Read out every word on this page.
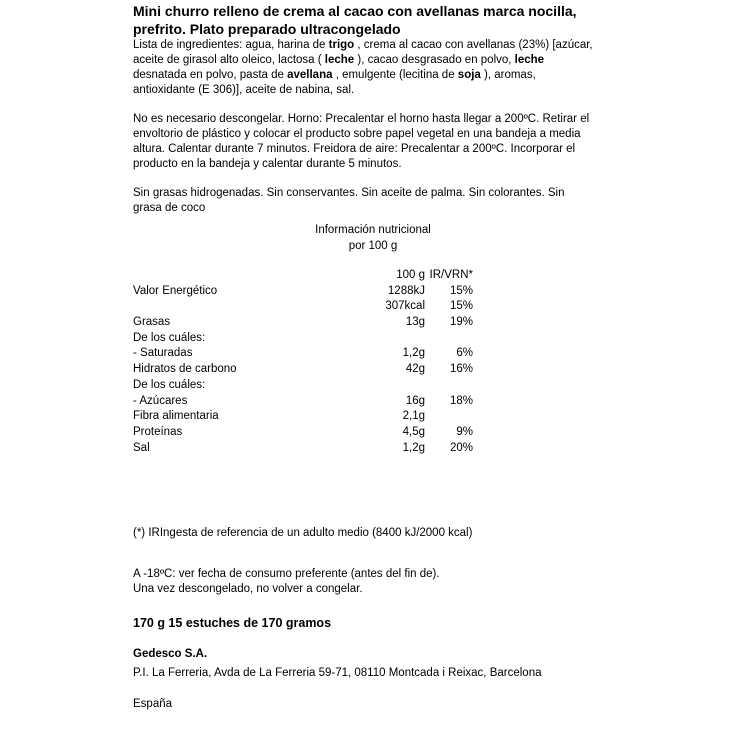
Mini churro relleno de crema al cacao con avellanas marca nocilla, prefrito. Plato preparado ultracongelado

Lista de ingredientes: agua, harina de trigo , crema al cacao con avellanas (23%) [azúcar, aceite de girasol alto oleico, lactosa ( leche ), cacao desgrasado en polvo, leche desnatada en polvo, pasta de avellana , emulgente (lecitina de soja ), aromas, antioxidante (E 306)], aceite de nabina, sal.

No es necesario descongelar. Horno: Precalentar el horno hasta llegar a 200ºC. Retirar el envoltorio de plástico y colocar el producto sobre papel vegetal en una bandeja a media altura. Calentar durante 7 minutos. Freidora de aire: Precalentar a 200ºC. Incorporar el producto en la bandeja y calentar durante 5 minutos.

Sin grasas hidrogenadas. Sin conservantes. Sin aceite de palma. Sin colorantes. Sin grasa de coco

Información nutricional

por 100 g

	100 g	IR/VRN*
Valor Energético	1288kJ	15%
	307kcal	15%
Grasas	13g	19%
De los cuáles:		
- Saturadas	1,2g	6%
Hidratos de carbono	42g	16%
De los cuáles:		
- Azúcares	16g	18%
Fibra alimentaria	2,1g	
Proteínas	4,5g	9%
Sal	1,2g	20%

(*) IRIngesta de referencia de un adulto medio (8400 kJ/2000 kcal)

A -18ºC: ver fecha de consumo preferente (antes del fin de).

Una vez descongelado, no volver a congelar.

170 g 15 estuches de 170 gramos

Gedesco S.A.

P.I. La Ferreria, Avda de La Ferreria 59-71, 08110 Montcada i Reixac, Barcelona

España
